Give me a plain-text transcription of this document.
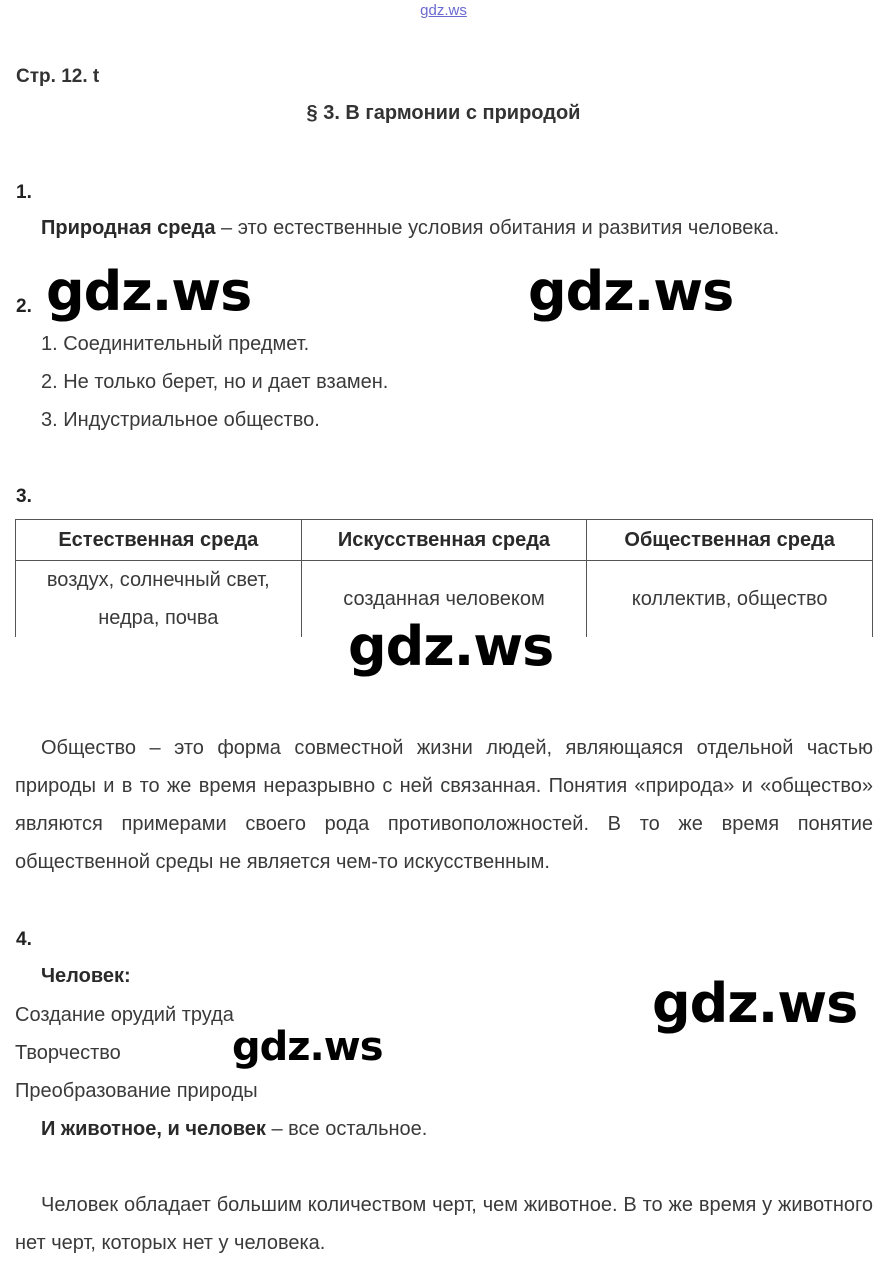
gdz.ws
Стр. 12. t
§ 3. В гармонии с природой
1.
Природная среда – это естественные условия обитания и развития человека.
2.
1. Соединительный предмет.
2. Не только берет, но и дает взамен.
3. Индустриальное общество.
3.
Естественная среда	Искусственная среда	Общественная среда
воздух, солнечный свет, недра, почва	созданная человеком	коллектив, общество
Общество – это форма совместной жизни людей, являющаяся отдельной частью природы и в то же время неразрывно с ней связанная. Понятия «природа» и «общество» являются примерами своего рода противоположностей. В то же время понятие общественной среды не является чем-то искусственным.
4.
Человек:
Создание орудий труда
Творчество
Преобразование природы
И животное, и человек – все остальное.
Человек обладает большим количеством черт, чем животное. В то же время у животного нет черт, которых нет у человека.
gdz.ws	gdz.ws
gdz.ws
gdz.ws
gdz.ws
